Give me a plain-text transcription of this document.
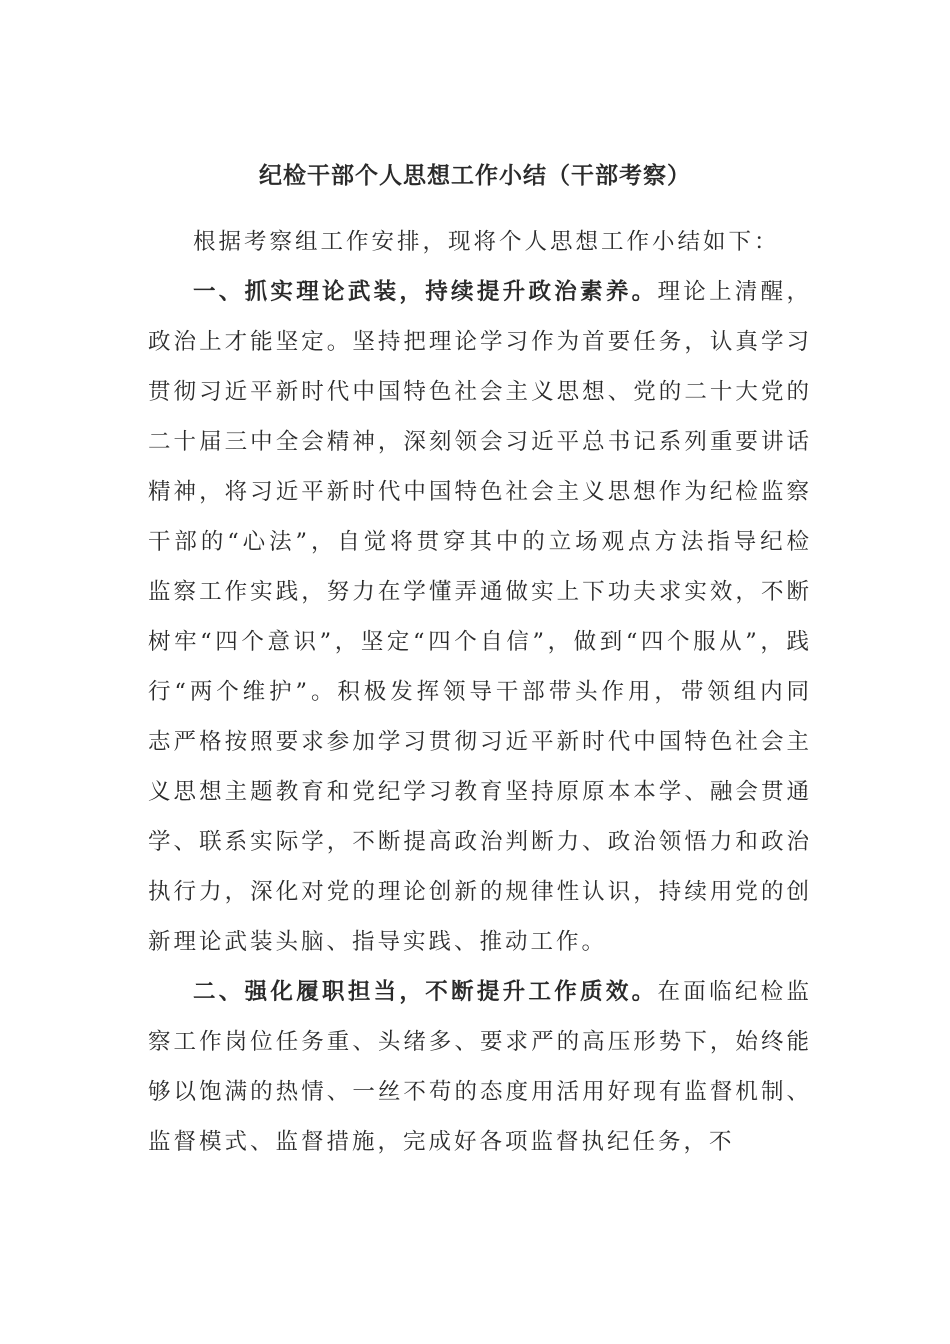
纪检干部个人思想工作小结（干部考察）

根据考察组工作安排，现将个人思想工作小结如下：

一、抓实理论武装，持续提升政治素养。理论上清醒，政治上才能坚定。坚持把理论学习作为首要任务，认真学习贯彻习近平新时代中国特色社会主义思想、党的二十大党的二十届三中全会精神，深刻领会习近平总书记系列重要讲话精神，将习近平新时代中国特色社会主义思想作为纪检监察干部的“心法”，自觉将贯穿其中的立场观点方法指导纪检监察工作实践，努力在学懂弄通做实上下功夫求实效，不断树牢“四个意识”，坚定“四个自信”，做到“四个服从”，践行“两个维护”。积极发挥领导干部带头作用，带领组内同志严格按照要求参加学习贯彻习近平新时代中国特色社会主义思想主题教育和党纪学习教育坚持原原本本学、融会贯通学、联系实际学，不断提高政治判断力、政治领悟力和政治执行力，深化对党的理论创新的规律性认识，持续用党的创新理论武装头脑、指导实践、推动工作。

二、强化履职担当，不断提升工作质效。在面临纪检监察工作岗位任务重、头绪多、要求严的高压形势下，始终能够以饱满的热情、一丝不苟的态度用活用好现有监督机制、监督模式、监督措施，完成好各项监督执纪任务，不
